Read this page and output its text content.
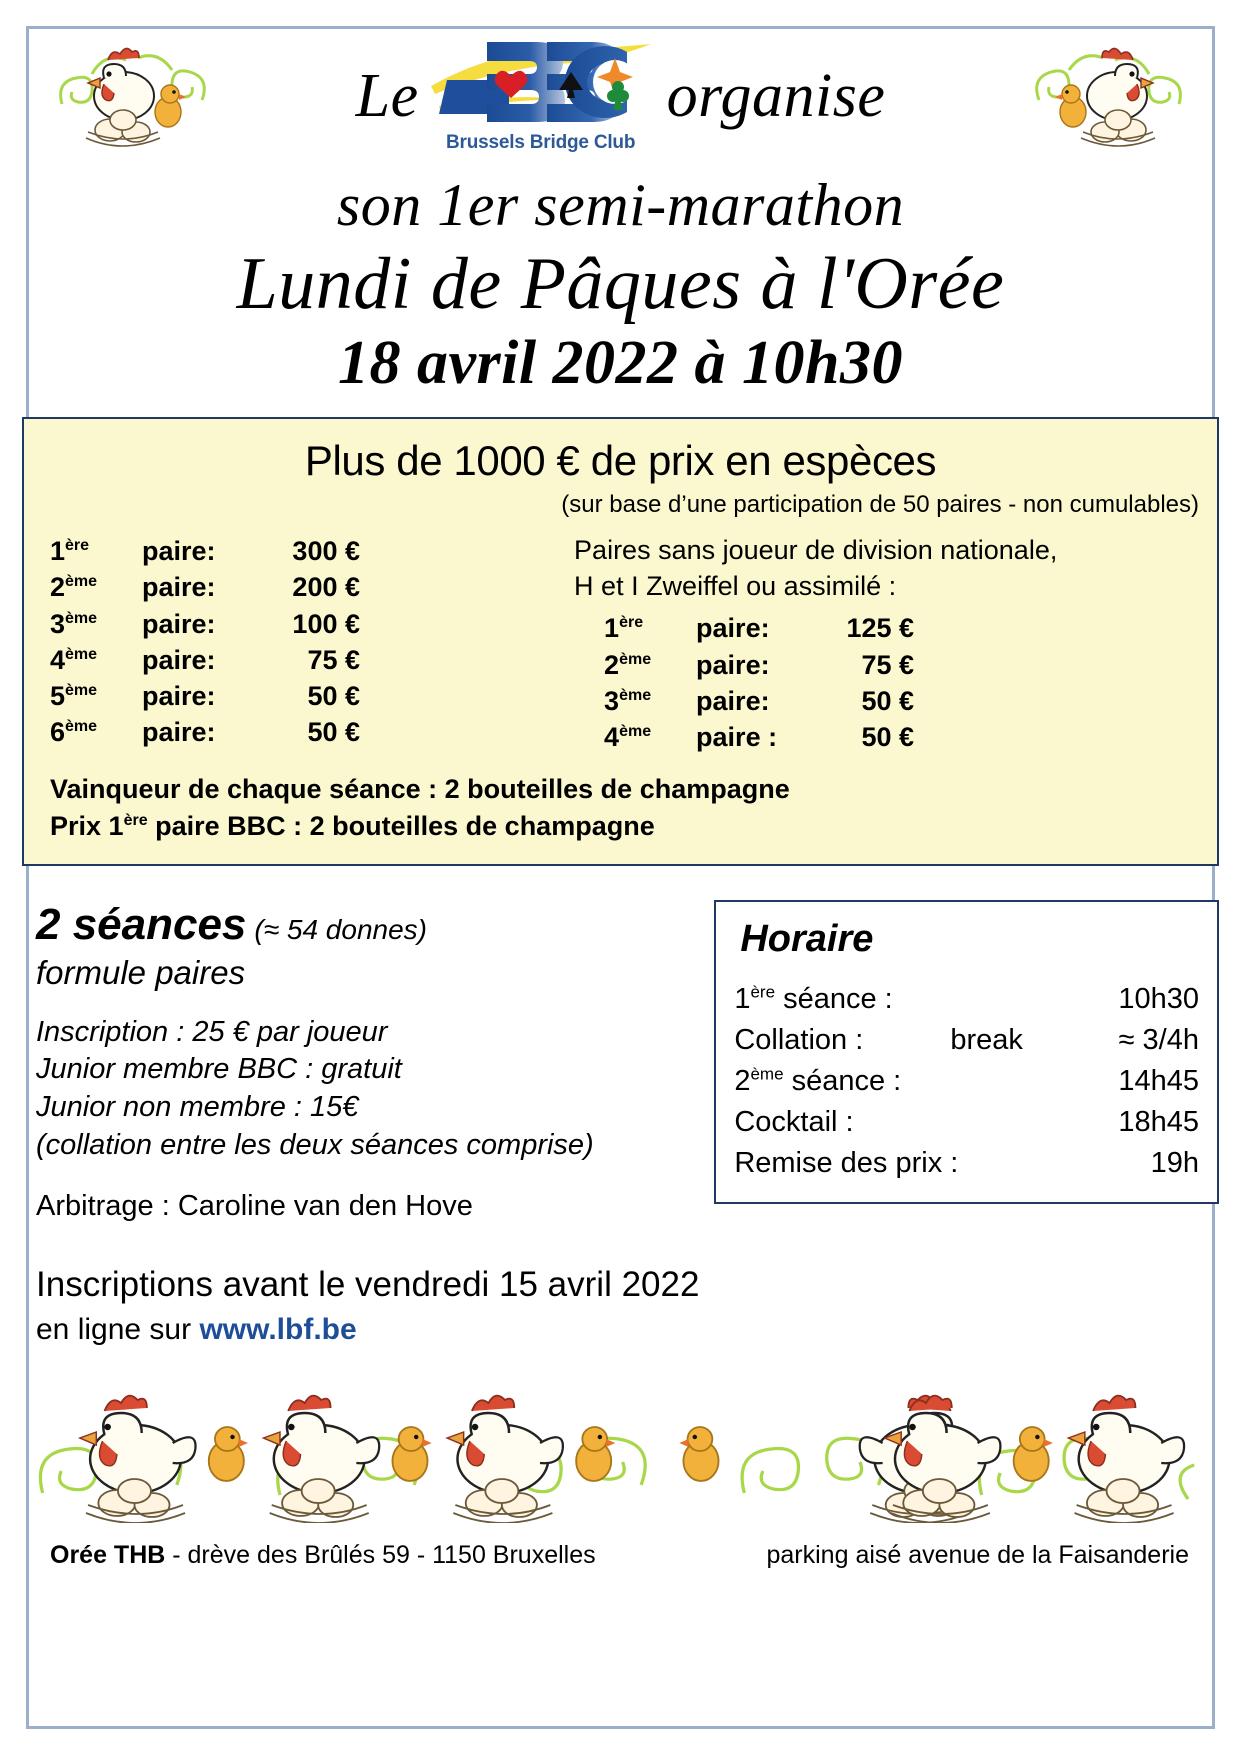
Le
Brussels Bridge Club
organise
son 1er semi-marathon
Lundi de Pâques à l'Orée
18 avril 2022 à 10h30
Plus de 1000 € de prix en espèces
(sur base d’une participation de 50 paires - non cumulables)
1ère	paire:	300 €
2ème	paire:	200 €
3ème	paire:	100 €
4ème	paire:	75 €
5ème	paire:	50 €
6ème	paire:	50 €
Paires sans joueur de division nationale,
H et I Zweiffel ou assimilé :
1ère	paire:	125 €
2ème	paire:	75 €
3ème	paire:	50 €
4ème	paire :	50 €
Vainqueur de chaque séance : 2 bouteilles de champagne
Prix 1ère paire BBC : 2 bouteilles de champagne
2 séances (≈ 54 donnes)
formule paires
Inscription : 25 € par joueur
Junior membre BBC : gratuit
Junior non membre : 15€
(collation entre les deux séances comprise)
Arbitrage : Caroline van den Hove
Horaire
1ère séance :	10h30
Collation :	break	≈ 3/4h
2ème séance :	14h45
Cocktail :	18h45
Remise des prix :	19h
Inscriptions avant le vendredi 15 avril 2022
en ligne sur www.lbf.be
Orée THB - drève des Brûlés 59 - 1150 Bruxelles	parking aisé avenue de la Faisanderie
